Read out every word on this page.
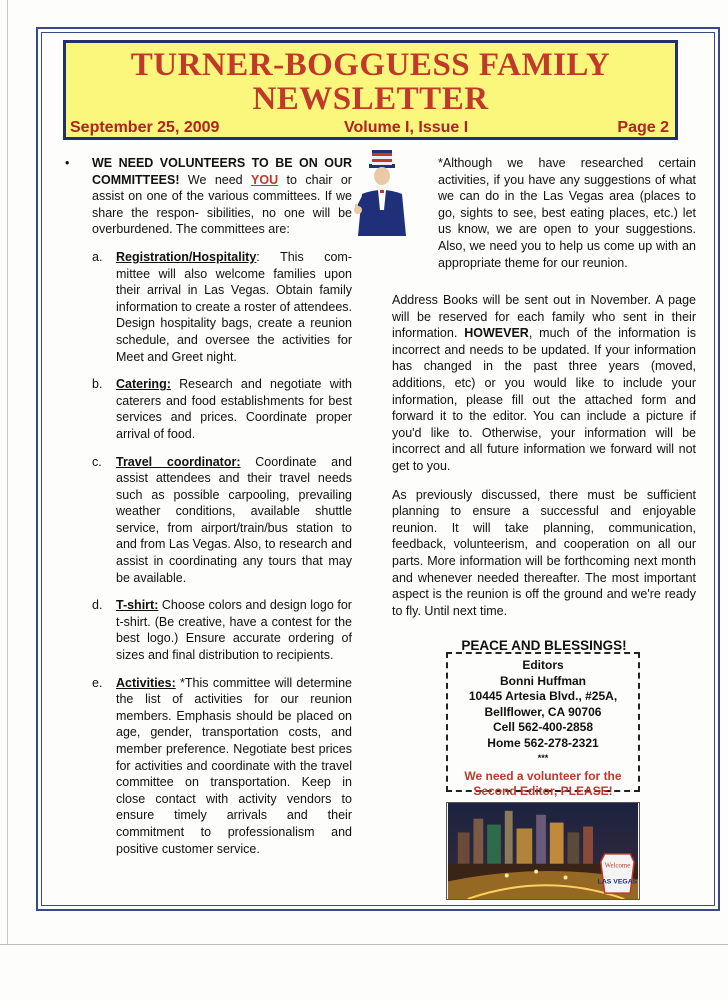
TURNER-BOGGUESS FAMILY
NEWSLETTER
September 25, 2009	Volume I, Issue I	Page 2
• WE NEED VOLUNTEERS TO BE ON OUR COMMITTEES! We need YOU to chair or assist on one of the various committees. If we share the respon- sibilities, no one will be overburdened. The committees are:
a. Registration/Hospitality: This com- mittee will also welcome families upon their arrival in Las Vegas. Obtain family information to create a roster of attendees. Design hospitality bags, create a reunion schedule, and oversee the activities for Meet and Greet night.
b. Catering: Research and negotiate with caterers and food establishments for best services and prices. Coordinate proper arrival of food.
c. Travel coordinator: Coordinate and assist attendees and their travel needs such as possible carpooling, prevailing weather conditions, available shuttle service, from airport/train/bus station to and from Las Vegas. Also, to research and assist in coordinating any tours that may be available.
d. T-shirt: Choose colors and design logo for t-shirt. (Be creative, have a contest for the best logo.) Ensure accurate ordering of sizes and final distribution to recipients.
e. Activities: *This committee will determine the list of activities for our reunion members. Emphasis should be placed on age, gender, transportation costs, and member preference. Negotiate best prices for activities and coordinate with the travel committee on transportation. Keep in close contact with activity vendors to ensure timely arrivals and their commitment to professionalism and positive customer service.
*Although we have researched certain activities, if you have any suggestions of what we can do in the Las Vegas area (places to go, sights to see, best eating places, etc.) let us know, we are open to your suggestions. Also, we need you to help us come up with an appropriate theme for our reunion.

Address Books will be sent out in November. A page will be reserved for each family who sent in their information. HOWEVER, much of the information is incorrect and needs to be updated. If your information has changed in the past three years (moved, additions, etc) or you would like to include your information, please fill out the attached form and forward it to the editor. You can include a picture if you'd like to. Otherwise, your information will be incorrect and all future information we forward will not get to you.

As previously discussed, there must be sufficient planning to ensure a successful and enjoyable reunion. It will take planning, communication, feedback, volunteerism, and cooperation on all our parts. More information will be forthcoming next month and whenever needed thereafter. The most important aspect is the reunion is off the ground and we're ready to fly. Until next time.

PEACE AND BLESSINGS!
Editors
Bonni Huffman
10445 Artesia Blvd., #25A,
Bellflower, CA 90706
Cell 562-400-2858
Home 562-278-2321
***
We need a volunteer for the Second Editor, PLEASE!
Welcome
LAS VEGAS
